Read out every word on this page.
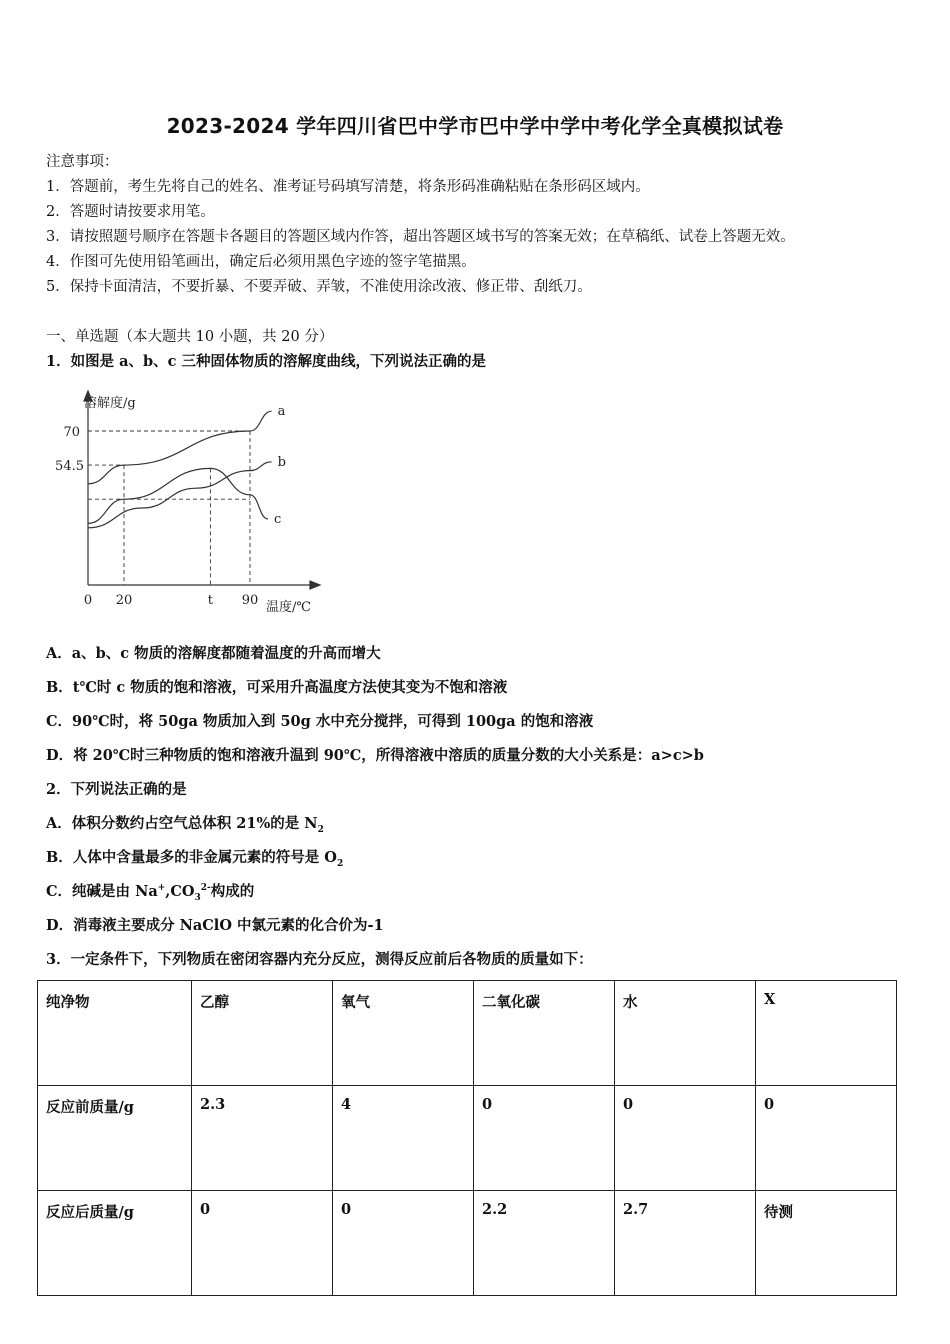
2023-2024 学年四川省巴中学市巴中学中学中考化学全真模拟试卷
注意事项：
1．答题前，考生先将自己的姓名、准考证号码填写清楚，将条形码准确粘贴在条形码区域内。
2．答题时请按要求用笔。
3．请按照题号顺序在答题卡各题目的答题区域内作答，超出答题区域书写的答案无效；在草稿纸、试卷上答题无效。
4．作图可先使用铅笔画出，确定后必须用黑色字迹的签字笔描黑。
5．保持卡面清洁，不要折暴、不要弄破、弄皱，不准使用涂改液、修正带、刮纸刀。
一、单选题（本大题共 10 小题，共 20 分）
1．如图是 a、b、c 三种固体物质的溶解度曲线，下列说法正确的是
a
b
c
溶解度/g
温度/℃
70
54.5
0 20	t 90
A．a、b、c 物质的溶解度都随着温度的升高而增大
B．t℃时 c 物质的饱和溶液，可采用升高温度方法使其变为不饱和溶液
C．90℃时，将 50ga 物质加入到 50g 水中充分搅拌，可得到 100ga 的饱和溶液
D．将 20℃时三种物质的饱和溶液升温到 90℃，所得溶液中溶质的质量分数的大小关系是：a>c>b
2．下列说法正确的是
A．体积分数约占空气总体积 21%的是 $N_2$
B．人体中含量最多的非金属元素的符号是 $O_2$
C．纯碱是由 $Na^+,CO_3^{2-}$构成的
D．消毒液主要成分 NaClO 中氯元素的化合价为-1
3．一定条件下，下列物质在密闭容器内充分反应，测得反应前后各物质的质量如下：
纯净物	乙醇	氧气	二氧化碳	水	X
反应前质量/g	2.3	4	0	0	0
反应后质量/g	0	0	2.2	2.7	待测
